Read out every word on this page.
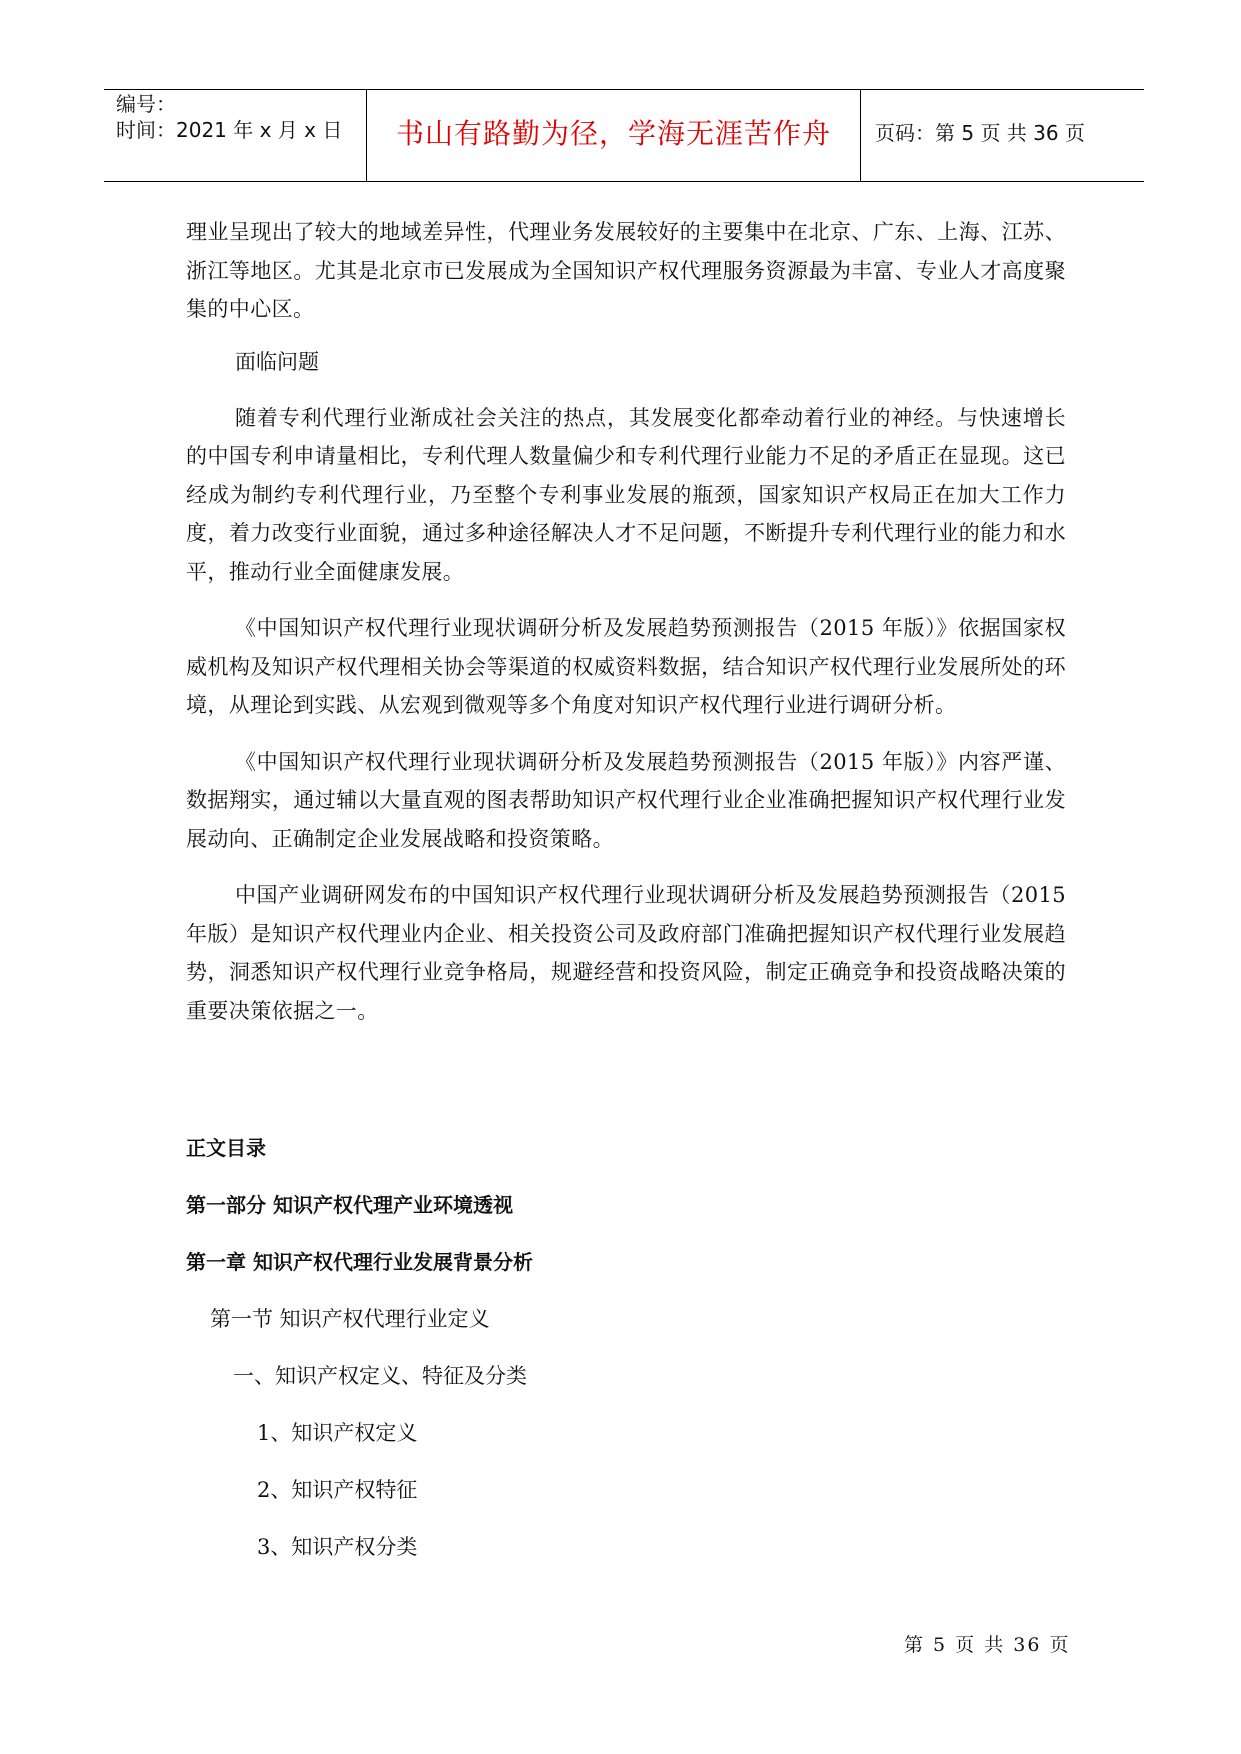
编号：
时间：2021 年 x 月 x 日	书山有路勤为径，学海无涯苦作舟	页码：第 5 页 共 36 页

理业呈现出了较大的地域差异性，代理业务发展较好的主要集中在北京、广东、上海、江苏、浙江等地区。尤其是北京市已发展成为全国知识产权代理服务资源最为丰富、专业人才高度聚集的中心区。

面临问题

随着专利代理行业渐成社会关注的热点，其发展变化都牵动着行业的神经。与快速增长的中国专利申请量相比，专利代理人数量偏少和专利代理行业能力不足的矛盾正在显现。这已经成为制约专利代理行业，乃至整个专利事业发展的瓶颈，国家知识产权局正在加大工作力度，着力改变行业面貌，通过多种途径解决人才不足问题，不断提升专利代理行业的能力和水平，推动行业全面健康发展。

《中国知识产权代理行业现状调研分析及发展趋势预测报告（2015 年版）》依据国家权威机构及知识产权代理相关协会等渠道的权威资料数据，结合知识产权代理行业发展所处的环境，从理论到实践、从宏观到微观等多个角度对知识产权代理行业进行调研分析。

《中国知识产权代理行业现状调研分析及发展趋势预测报告（2015 年版）》内容严谨、数据翔实，通过辅以大量直观的图表帮助知识产权代理行业企业准确把握知识产权代理行业发展动向、正确制定企业发展战略和投资策略。

中国产业调研网发布的中国知识产权代理行业现状调研分析及发展趋势预测报告（2015 年版）是知识产权代理业内企业、相关投资公司及政府部门准确把握知识产权代理行业发展趋势，洞悉知识产权代理行业竞争格局，规避经营和投资风险，制定正确竞争和投资战略决策的重要决策依据之一。

正文目录

第一部分 知识产权代理产业环境透视

第一章 知识产权代理行业发展背景分析

第一节 知识产权代理行业定义

一、知识产权定义、特征及分类

1、知识产权定义

2、知识产权特征

3、知识产权分类

第 5 页 共 36 页
